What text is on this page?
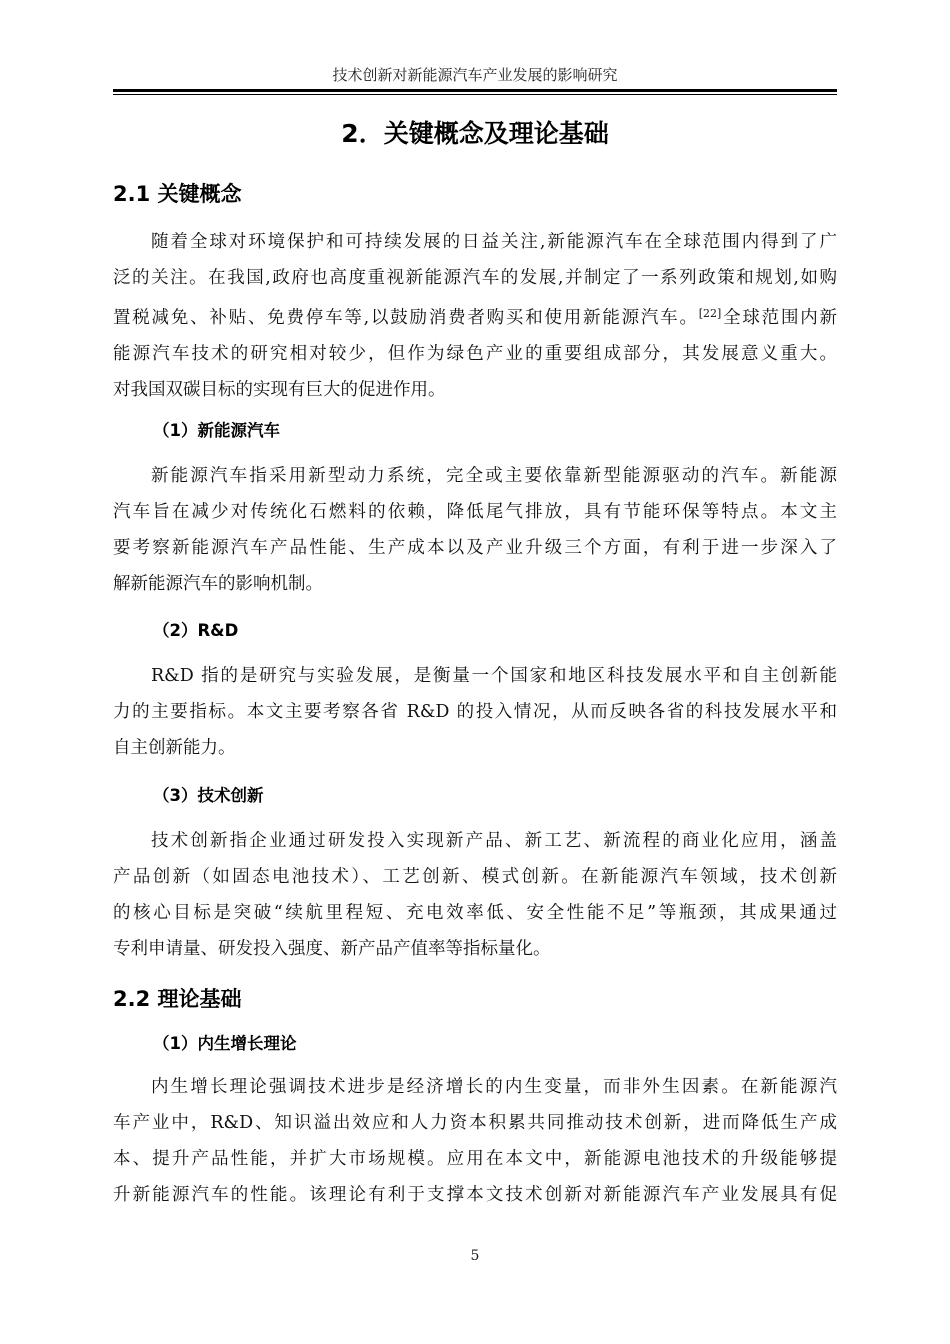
技术创新对新能源汽车产业发展的影响研究
2．关键概念及理论基础
2.1 关键概念
随着全球对环境保护和可持续发展的日益关注,新能源汽车在全球范围内得到了广
泛的关注。在我国,政府也高度重视新能源汽车的发展,并制定了一系列政策和规划,如购
置税减免、补贴、免费停车等,以鼓励消费者购买和使用新能源汽车。[22]全球范围内新
能源汽车技术的研究相对较少，但作为绿色产业的重要组成部分，其发展意义重大。
对我国双碳目标的实现有巨大的促进作用。
（1）新能源汽车
新能源汽车指采用新型动力系统，完全或主要依靠新型能源驱动的汽车。新能源
汽车旨在减少对传统化石燃料的依赖，降低尾气排放，具有节能环保等特点。本文主
要考察新能源汽车产品性能、生产成本以及产业升级三个方面，有利于进一步深入了
解新能源汽车的影响机制。
（2）R&D
R&D 指的是研究与实验发展，是衡量一个国家和地区科技发展水平和自主创新能
力的主要指标。本文主要考察各省 R&D 的投入情况，从而反映各省的科技发展水平和
自主创新能力。
（3）技术创新
技术创新指企业通过研发投入实现新产品、新工艺、新流程的商业化应用，涵盖
产品创新（如固态电池技术）、工艺创新、模式创新。在新能源汽车领域，技术创新
的核心目标是突破“续航里程短、充电效率低、安全性能不足”等瓶颈，其成果通过
专利申请量、研发投入强度、新产品产值率等指标量化。
2.2 理论基础
（1）内生增长理论
内生增长理论强调技术进步是经济增长的内生变量，而非外生因素。在新能源汽
车产业中，R&D、知识溢出效应和人力资本积累共同推动技术创新，进而降低生产成
本、提升产品性能，并扩大市场规模。应用在本文中，新能源电池技术的升级能够提
升新能源汽车的性能。该理论有利于支撑本文技术创新对新能源汽车产业发展具有促
5
